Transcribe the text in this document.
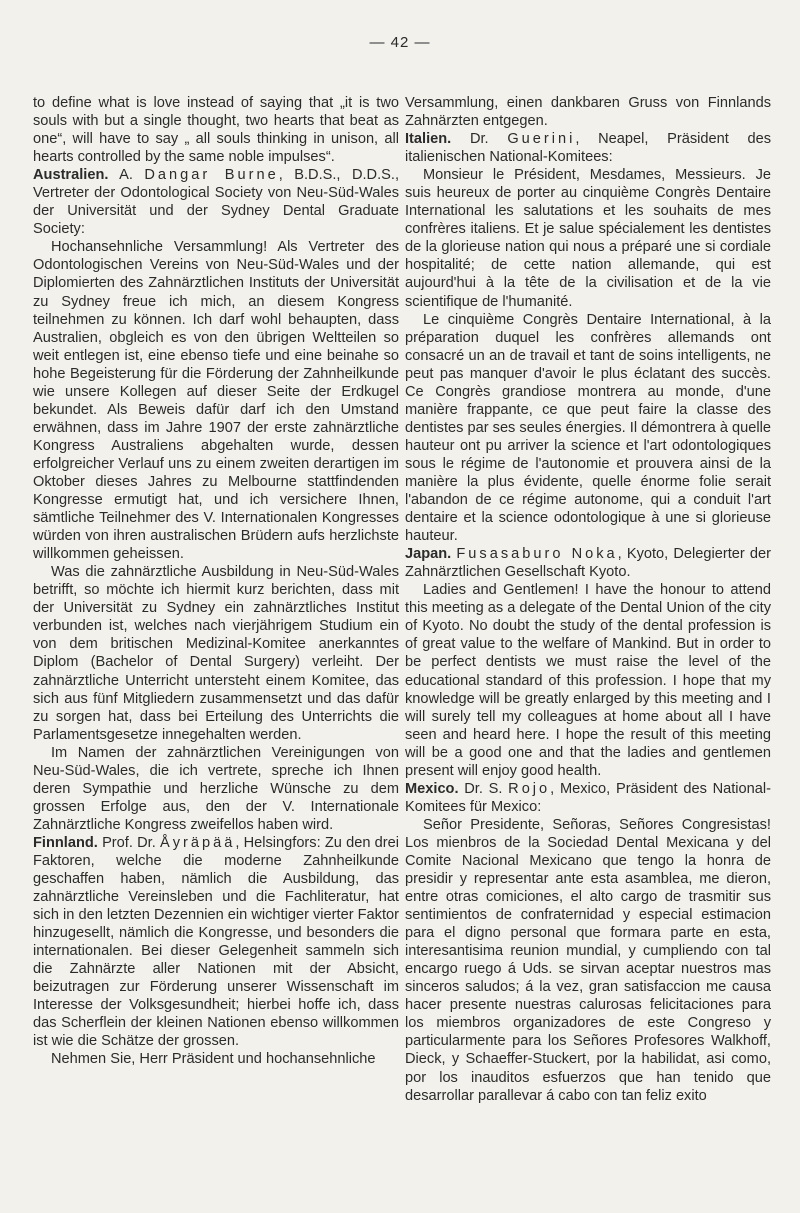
— 42 —

to define what is love instead of saying that „it is two souls with but a single thought, two hearts that beat as one“, will have to say „ all souls thinking in unison, all hearts controlled by the same noble impulses“.

Australien. A. Dangar Burne, B.D.S., D.D.S., Vertreter der Odontological Society von Neu-Süd-Wales der Universität und der Sydney Dental Graduate Society:

Hochansehnliche Versammlung! Als Vertreter des Odontologischen Vereins von Neu-Süd-Wales und der Diplomierten des Zahnärztlichen Instituts der Universität zu Sydney freue ich mich, an diesem Kongress teilnehmen zu können. Ich darf wohl behaupten, dass Australien, obgleich es von den übrigen Weltteilen so weit entlegen ist, eine ebenso tiefe und eine beinahe so hohe Begeisterung für die Förderung der Zahnheilkunde wie unsere Kollegen auf dieser Seite der Erdkugel bekundet. Als Beweis dafür darf ich den Umstand erwähnen, dass im Jahre 1907 der erste zahnärztliche Kongress Australiens abgehalten wurde, dessen erfolgreicher Verlauf uns zu einem zweiten derartigen im Oktober dieses Jahres zu Melbourne stattfindenden Kongresse ermutigt hat, und ich versichere Ihnen, sämtliche Teilnehmer des V. Internationalen Kongresses würden von ihren australischen Brüdern aufs herzlichste willkommen geheissen.

Was die zahnärztliche Ausbildung in Neu-Süd-Wales betrifft, so möchte ich hiermit kurz berichten, dass mit der Universität zu Sydney ein zahnärztliches Institut verbunden ist, welches nach vierjährigem Studium ein von dem britischen Medizinal-Komitee anerkanntes Diplom (Bachelor of Dental Surgery) verleiht. Der zahnärztliche Unterricht untersteht einem Komitee, das sich aus fünf Mitgliedern zusammensetzt und das dafür zu sorgen hat, dass bei Erteilung des Unterrichts die Parlamentsgesetze innegehalten werden.

Im Namen der zahnärztlichen Vereinigungen von Neu-Süd-Wales, die ich vertrete, spreche ich Ihnen deren Sympathie und herzliche Wünsche zu dem grossen Erfolge aus, den der V. Internationale Zahnärztliche Kongress zweifellos haben wird.

Finnland. Prof. Dr. Åyräpää, Helsingfors: Zu den drei Faktoren, welche die moderne Zahnheilkunde geschaffen haben, nämlich die Ausbildung, das zahnärztliche Vereinsleben und die Fachliteratur, hat sich in den letzten Dezennien ein wichtiger vierter Faktor hinzugesellt, nämlich die Kongresse, und besonders die internationalen. Bei dieser Gelegenheit sammeln sich die Zahnärzte aller Nationen mit der Absicht, beizutragen zur Förderung unserer Wissenschaft im Interesse der Volksgesundheit; hierbei hoffe ich, dass das Scherflein der kleinen Nationen ebenso willkommen ist wie die Schätze der grossen.

Nehmen Sie, Herr Präsident und hochansehnliche

Versammlung, einen dankbaren Gruss von Finnlands Zahnärzten entgegen.

Italien. Dr. Guerini, Neapel, Präsident des italienischen National-Komitees:

Monsieur le Président, Mesdames, Messieurs. Je suis heureux de porter au cinquième Congrès Dentaire International les salutations et les souhaits de mes confrères italiens. Et je salue spécialement les dentistes de la glorieuse nation qui nous a préparé une si cordiale hospitalité; de cette nation allemande, qui est aujourd'hui à la tête de la civilisation et de la vie scientifique de l'humanité.

Le cinquième Congrès Dentaire International, à la préparation duquel les confrères allemands ont consacré un an de travail et tant de soins intelligents, ne peut pas manquer d'avoir le plus éclatant des succès. Ce Congrès grandiose montrera au monde, d'une manière frappante, ce que peut faire la classe des dentistes par ses seules énergies. Il démontrera à quelle hauteur ont pu arriver la science et l'art odontologiques sous le régime de l'autonomie et prouvera ainsi de la manière la plus évidente, quelle énorme folie serait l'abandon de ce régime autonome, qui a conduit l'art dentaire et la science odontologique à une si glorieuse hauteur.

Japan. Fusasaburo Noka, Kyoto, Delegierter der Zahnärztlichen Gesellschaft Kyoto.

Ladies and Gentlemen! I have the honour to attend this meeting as a delegate of the Dental Union of the city of Kyoto. No doubt the study of the dental profession is of great value to the welfare of Mankind. But in order to be perfect dentists we must raise the level of the educational standard of this profession. I hope that my knowledge will be greatly enlarged by this meeting and I will surely tell my colleagues at home about all I have seen and heard here. I hope the result of this meeting will be a good one and that the ladies and gentlemen present will enjoy good health.

Mexico. Dr. S. Rojo, Mexico, Präsident des National-Komitees für Mexico:

Señor Presidente, Señoras, Señores Congresistas! Los mienbros de la Sociedad Dental Mexicana y del Comite Nacional Mexicano que tengo la honra de presidir y representar ante esta asamblea, me dieron, entre otras comiciones, el alto cargo de trasmitir sus sentimientos de confraternidad y especial estimacion para el digno personal que formara parte en esta, interesantisima reunion mundial, y cumpliendo con tal encargo ruego á Uds. se sirvan aceptar nuestros mas sinceros saludos; á la vez, gran satisfaccion me causa hacer presente nuestras calurosas felicitaciones para los miembros organizadores de este Congreso y particularmente para los Señores Profesores Walkhoff, Dieck, y Schaeffer-Stuckert, por la habilidat, asi como, por los inauditos esfuerzos que han tenido que desarrollar parallevar á cabo con tan feliz exito
